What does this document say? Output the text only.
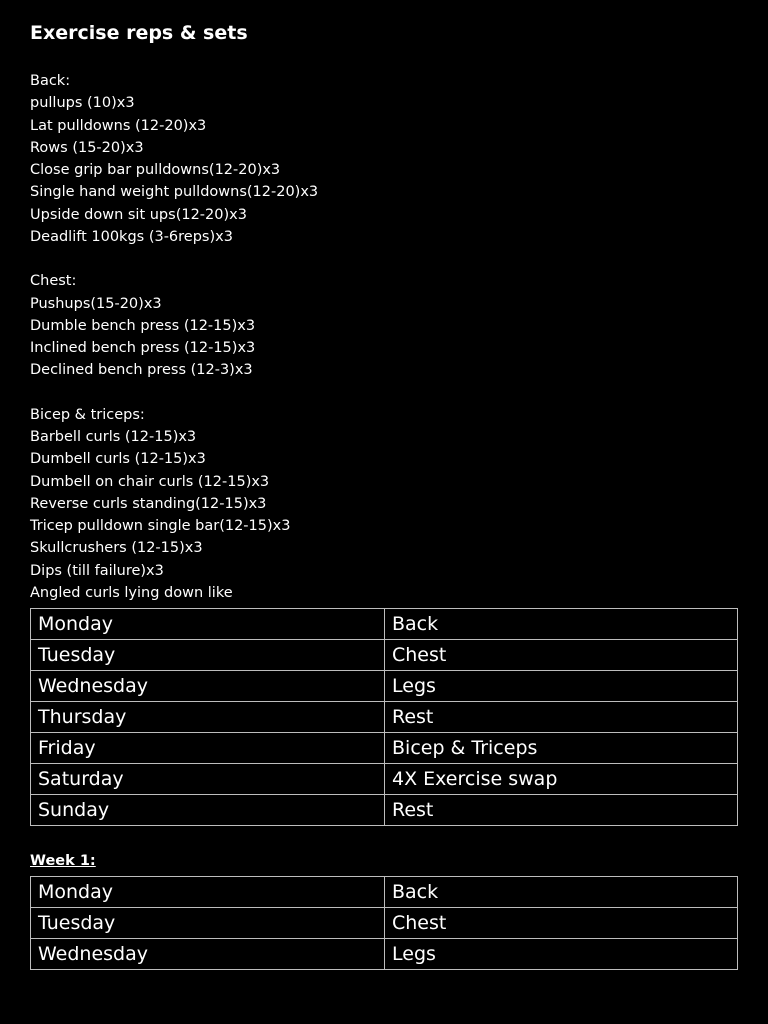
Exercise reps & sets
Back:
pullups (10)x3
Lat pulldowns (12-20)x3
Rows (15-20)x3
Close grip bar pulldowns(12-20)x3
Single hand weight pulldowns(12-20)x3
Upside down sit ups(12-20)x3
Deadlift 100kgs (3-6reps)x3
Chest:
Pushups(15-20)x3
Dumble bench press (12-15)x3
Inclined bench press (12-15)x3
Declined bench press (12-3)x3
Bicep & triceps:
Barbell curls (12-15)x3
Dumbell curls (12-15)x3
Dumbell on chair curls (12-15)x3
Reverse curls standing(12-15)x3
Tricep pulldown single bar(12-15)x3
Skullcrushers (12-15)x3
Dips (till failure)x3
Angled curls lying down like
Monday	Back
Tuesday	Chest
Wednesday	Legs
Thursday	Rest
Friday	Bicep & Triceps
Saturday	4X Exercise swap
Sunday	Rest
Week 1:
Monday	Back
Tuesday	Chest
Wednesday	Legs
